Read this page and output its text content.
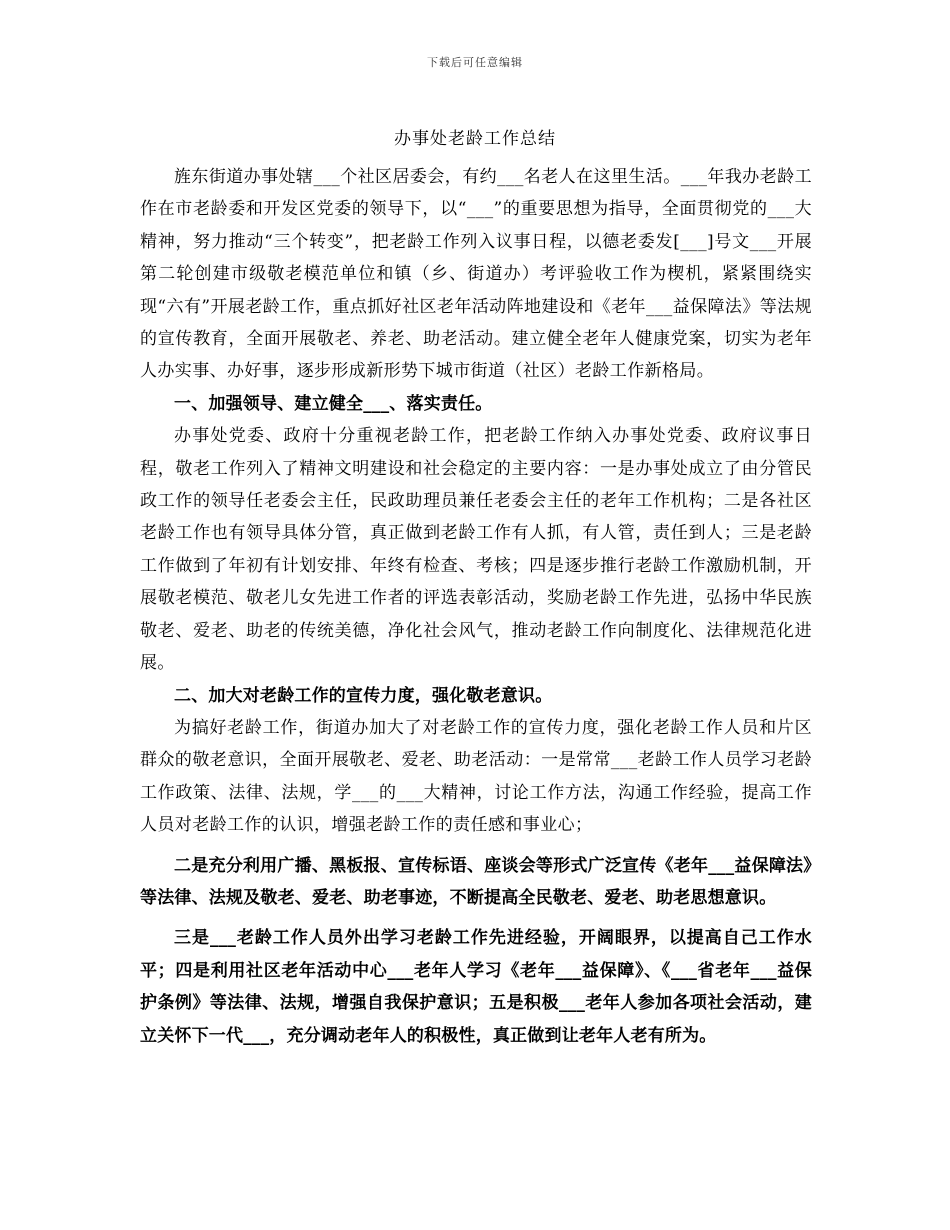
下载后可任意编辑
办事处老龄工作总结

旌东街道办事处辖___个社区居委会，有约___名老人在这里生活。___年我办老龄工作在市老龄委和开发区党委的领导下，以“___”的重要思想为指导，全面贯彻党的___大精神，努力推动“三个转变”，把老龄工作列入议事日程，以德老委发[___]号文___开展第二轮创建市级敬老模范单位和镇（乡、街道办）考评验收工作为楔机，紧紧围绕实现“六有”开展老龄工作，重点抓好社区老年活动阵地建设和《老年___益保障法》等法规的宣传教育，全面开展敬老、养老、助老活动。建立健全老年人健康党案，切实为老年人办实事、办好事，逐步形成新形势下城市街道（社区）老龄工作新格局。

一、加强领导、建立健全___、落实责任。

办事处党委、政府十分重视老龄工作，把老龄工作纳入办事处党委、政府议事日程，敬老工作列入了精神文明建设和社会稳定的主要内容：一是办事处成立了由分管民政工作的领导任老委会主任，民政助理员兼任老委会主任的老年工作机构；二是各社区老龄工作也有领导具体分管，真正做到老龄工作有人抓，有人管，责任到人；三是老龄工作做到了年初有计划安排、年终有检查、考核；四是逐步推行老龄工作激励机制，开展敬老模范、敬老儿女先进工作者的评选表彰活动，奖励老龄工作先进，弘扬中华民族敬老、爱老、助老的传统美德，净化社会风气，推动老龄工作向制度化、法律规范化进展。

二、加大对老龄工作的宣传力度，强化敬老意识。

为搞好老龄工作，街道办加大了对老龄工作的宣传力度，强化老龄工作人员和片区群众的敬老意识，全面开展敬老、爱老、助老活动：一是常常___老龄工作人员学习老龄工作政策、法律、法规，学___的___大精神，讨论工作方法，沟通工作经验，提高工作人员对老龄工作的认识，增强老龄工作的责任感和事业心；

二是充分利用广播、黑板报、宣传标语、座谈会等形式广泛宣传《老年___益保障法》等法律、法规及敬老、爱老、助老事迹，不断提高全民敬老、爱老、助老思想意识。

三是___老龄工作人员外出学习老龄工作先进经验，开阔眼界，以提高自己工作水平；四是利用社区老年活动中心___老年人学习《老年___益保障》、《___省老年___益保护条例》等法律、法规，增强自我保护意识；五是积极___老年人参加各项社会活动，建立关怀下一代___，充分调动老年人的积极性，真正做到让老年人老有所为。
